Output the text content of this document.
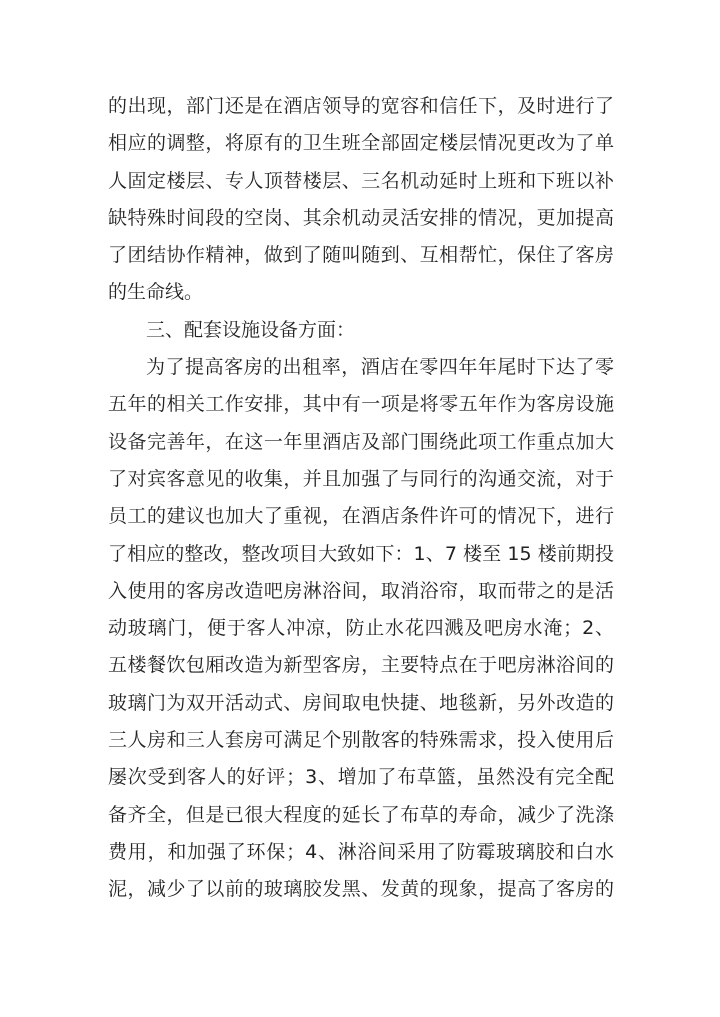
的出现，部门还是在酒店领导的宽容和信任下，及时进行了
相应的调整，将原有的卫生班全部固定楼层情况更改为了单
人固定楼层、专人顶替楼层、三名机动延时上班和下班以补
缺特殊时间段的空岗、其余机动灵活安排的情况，更加提高
了团结协作精神，做到了随叫随到、互相帮忙，保住了客房
的生命线。
三、配套设施设备方面：
为了提高客房的出租率，酒店在零四年年尾时下达了零
五年的相关工作安排，其中有一项是将零五年作为客房设施
设备完善年，在这一年里酒店及部门围绕此项工作重点加大
了对宾客意见的收集，并且加强了与同行的沟通交流，对于
员工的建议也加大了重视，在酒店条件许可的情况下，进行
了相应的整改，整改项目大致如下：1、7 楼至 15 楼前期投
入使用的客房改造吧房淋浴间，取消浴帘，取而带之的是活
动玻璃门，便于客人冲凉，防止水花四溅及吧房水淹；2、
五楼餐饮包厢改造为新型客房，主要特点在于吧房淋浴间的
玻璃门为双开活动式、房间取电快捷、地毯新，另外改造的
三人房和三人套房可满足个别散客的特殊需求，投入使用后
屡次受到客人的好评；3、增加了布草篮，虽然没有完全配
备齐全，但是已很大程度的延长了布草的寿命，减少了洗涤
费用，和加强了环保；4、淋浴间采用了防霉玻璃胶和白水
泥，减少了以前的玻璃胶发黑、发黄的现象，提高了客房的
